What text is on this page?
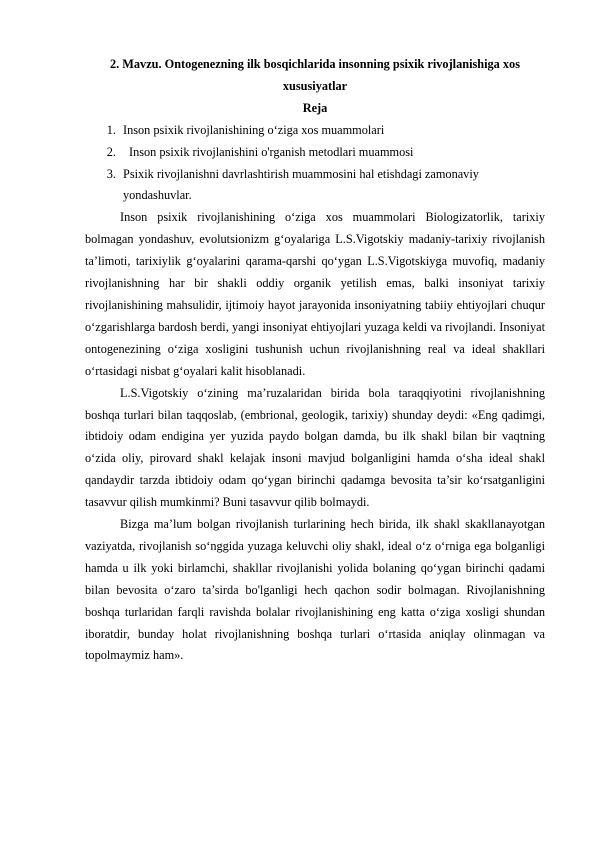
2. Mavzu. Ontogenezning ilk bosqichlarida insonning psixik rivojlanishiga xos xususiyatlar

Reja

1. Inson psixik rivojlanishining o‘ziga xos muammolari
2. Inson psixik rivojlanishini o'rganish metodlari muammosi
3. Psixik rivojlanishni davrlashtirish muammosini hal etishdagi zamonaviy yondashuvlar.

Inson psixik rivojlanishining o‘ziga xos muammolari Biologizatorlik, tarixiy bolmagan yondashuv, evolutsionizm g‘oyalariga L.S.Vigotskiy madaniy-tarixiy rivojlanish ta’limoti, tarixiylik g‘oyalarini qarama-qarshi qo‘ygan L.S.Vigotskiyga muvofiq, madaniy rivojlanishning har bir shakli oddiy organik yetilish emas, balki insoniyat tarixiy rivojlanishining mahsulidir, ijtimoiy hayot jarayonida insoniyatning tabiiy ehtiyojlari chuqur o‘zgarishlarga bardosh berdi, yangi insoniyat ehtiyojlari yuzaga keldi va rivojlandi. Insoniyat ontogenezining o‘ziga xosligini tushunish uchun rivojlanishning real va ideal shakllari o‘rtasidagi nisbat g‘oyalari kalit hisoblanadi.

L.S.Vigotskiy o‘zining ma’ruzalaridan birida bola taraqqiyotini rivojlanishning boshqa turlari bilan taqqoslab, (embrional, geologik, tarixiy) shunday deydi: «Eng qadimgi, ibtidoiy odam endigina yer yuzida paydo bolgan damda, bu ilk shakl bilan bir vaqtning o‘zida oliy, pirovard shakl kelajak insoni mavjud bolganligini hamda o‘sha ideal shakl qandaydir tarzda ibtidoiy odam qo‘ygan birinchi qadamga bevosita ta’sir ko‘rsatganligini tasavvur qilish mumkinmi? Buni tasavvur qilib bolmaydi.

Bizga ma’lum bolgan rivojlanish turlarining hech birida, ilk shakl skakllanayotgan vaziyatda, rivojlanish so‘nggida yuzaga keluvchi oliy shakl, ideal o‘z o‘rniga ega bolganligi hamda u ilk yoki birlamchi, shakllar rivojlanishi yolida bolaning qo‘ygan birinchi qadami bilan bevosita o‘zaro ta’sirda bo'lganligi hech qachon sodir bolmagan. Rivojlanishning boshqa turlaridan farqli ravishda bolalar rivojlanishining eng katta o‘ziga xosligi shundan iboratdir, bunday holat rivojlanishning boshqa turlari o‘rtasida aniqlay olinmagan va topolmaymiz ham».
